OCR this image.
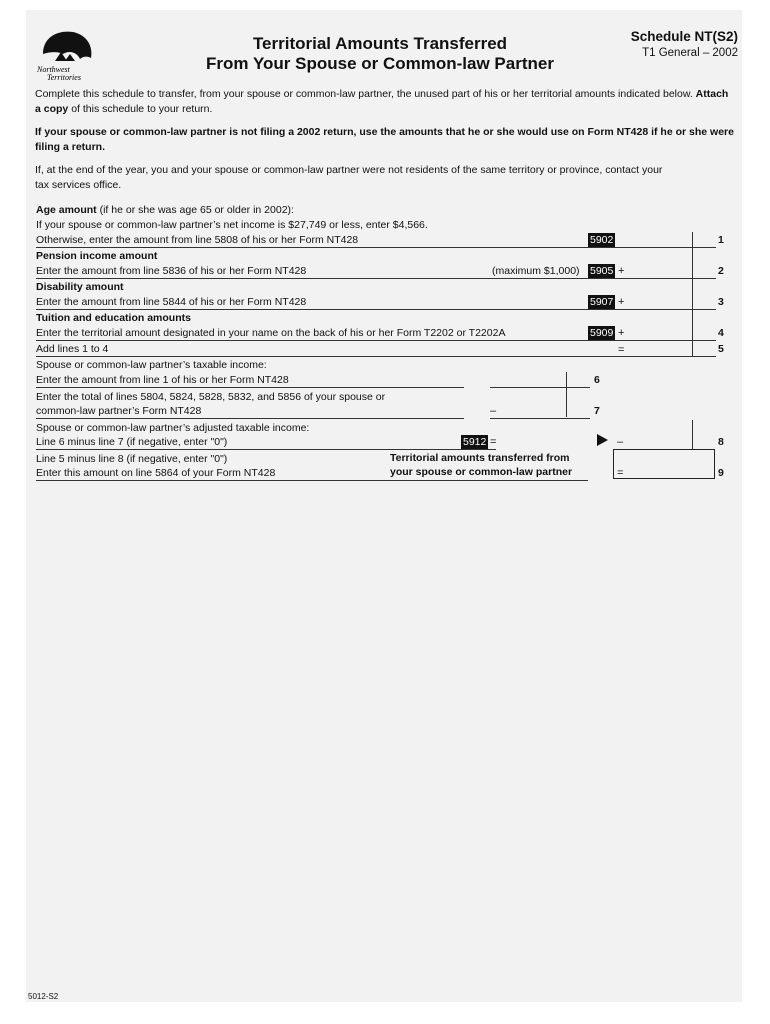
Northwest
Territories
Territorial Amounts Transferred
From Your Spouse or Common-law Partner
Schedule NT(S2)
T1 General – 2002
Complete this schedule to transfer, from your spouse or common-law partner, the unused part of his or her territorial amounts indicated below. Attach a copy of this schedule to your return.
If your spouse or common-law partner is not filing a 2002 return, use the amounts that he or she would use on Form NT428 if he or she were filing a return.
If, at the end of the year, you and your spouse or common-law partner were not residents of the same territory or province, contact your tax services office.
Age amount (if he or she was age 65 or older in 2002):
If your spouse or common-law partner’s net income is $27,749 or less, enter $4,566.
Otherwise, enter the amount from line 5808 of his or her Form NT428	5902	1
Pension income amount
Enter the amount from line 5836 of his or her Form NT428	(maximum $1,000) 5905 +	2
Disability amount
Enter the amount from line 5844 of his or her Form NT428	5907 +	3
Tuition and education amounts
Enter the territorial amount designated in your name on the back of his or her Form T2202 or T2202A	5909 +	4
Add lines 1 to 4	=	5
Spouse or common-law partner’s taxable income:
Enter the amount from line 1 of his or her Form NT428	6
Enter the total of lines 5804, 5824, 5828, 5832, and 5856 of your spouse or
common-law partner’s Form NT428	–	7
Spouse or common-law partner’s adjusted taxable income:
Line 6 minus line 7 (if negative, enter "0")	5912 =	–	8
Line 5 minus line 8 (if negative, enter "0")
Enter this amount on line 5864 of your Form NT428
Territorial amounts transferred from
your spouse or common-law partner	=	9
5012-S2
